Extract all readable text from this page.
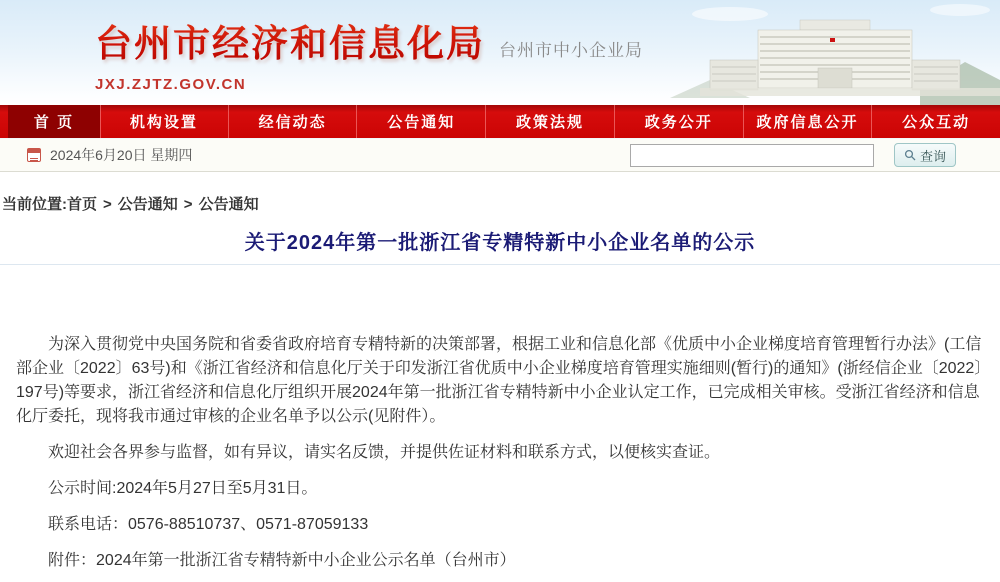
台州市经济和信息化局 台州市中小企业局
JXJ.ZJTZ.GOV.CN
首 页	机构设置	经信动态	公告通知	政策法规	政务公开	政府信息公开	公众互动
2024年6月20日 星期四	查询
当前位置:首页 > 公告通知 > 公告通知
关于2024年第一批浙江省专精特新中小企业名单的公示

为深入贯彻党中央国务院和省委省政府培育专精特新的决策部署，根据工业和信息化部《优质中小企业梯度培育管理暂行办法》(工信部企业〔2022〕63号)和《浙江省经济和信息化厅关于印发浙江省优质中小企业梯度培育管理实施细则(暂行)的通知》(浙经信企业〔2022〕197号)等要求，浙江省经济和信息化厅组织开展2024年第一批浙江省专精特新中小企业认定工作，已完成相关审核。受浙江省经济和信息化厅委托，现将我市通过审核的企业名单予以公示(见附件）。

欢迎社会各界参与监督，如有异议，请实名反馈，并提供佐证材料和联系方式，以便核实查证。

公示时间:2024年5月27日至5月31日。

联系电话：0576-88510737、0571-87059133

附件：2024年第一批浙江省专精特新中小企业公示名单（台州市）
